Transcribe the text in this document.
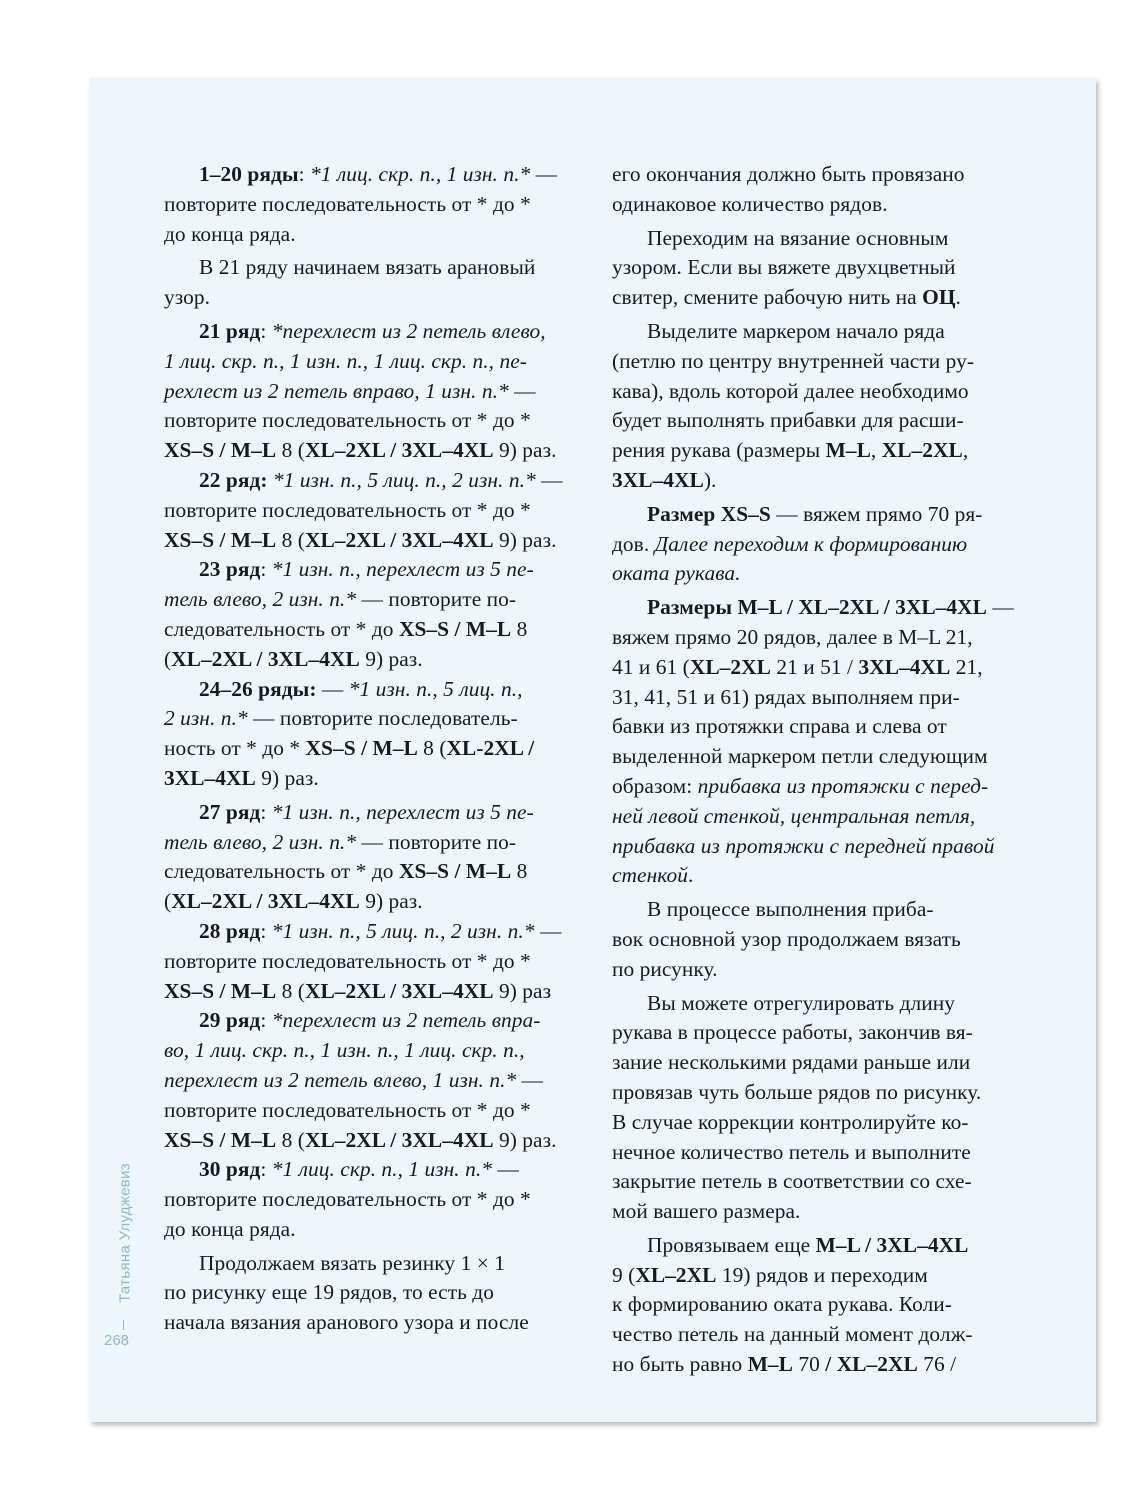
1–20 ряды: *1 лиц. скр. п., 1 изн. п.* —

повторите последовательность от * до *

до конца ряда.

В 21 ряду начинаем вязать арановый

узор.

21 ряд: *перехлест из 2 петель влево,

1 лиц. скр. п., 1 изн. п., 1 лиц. скр. п., пе-

рехлест из 2 петель вправо, 1 изн. п.* —

повторите последовательность от * до *

XS–S / M–L 8 (XL–2XL / 3XL–4XL 9) раз.

22 ряд: *1 изн. п., 5 лиц. п., 2 изн. п.* —

повторите последовательность от * до *

XS–S / M–L 8 (XL–2XL / 3XL–4XL 9) раз.

23 ряд: *1 изн. п., перехлест из 5 пе-

тель влево, 2 изн. п.* — повторите по-

следовательность от * до XS–S / M–L 8

(XL–2XL / 3XL–4XL 9) раз.

24–26 ряды: — *1 изн. п., 5 лиц. п.,

2 изн. п.* — повторите последователь-

ность от * до * XS–S / M–L 8 (XL-2XL /

3XL–4XL 9) раз.

27 ряд: *1 изн. п., перехлест из 5 пе-

тель влево, 2 изн. п.* — повторите по-

следовательность от * до XS–S / M–L 8

(XL–2XL / 3XL–4XL 9) раз.

28 ряд: *1 изн. п., 5 лиц. п., 2 изн. п.* —

повторите последовательность от * до *

XS–S / M–L 8 (XL–2XL / 3XL–4XL 9) раз

29 ряд: *перехлест из 2 петель впра-

во, 1 лиц. скр. п., 1 изн. п., 1 лиц. скр. п.,

перехлест из 2 петель влево, 1 изн. п.* —

повторите последовательность от * до *

XS–S / M–L 8 (XL–2XL / 3XL–4XL 9) раз.

30 ряд: *1 лиц. скр. п., 1 изн. п.* —

повторите последовательность от * до *

до конца ряда.

Продолжаем вязать резинку 1 × 1

по рисунку еще 19 рядов, то есть до

начала вязания аранового узора и после

его окончания должно быть провязано

одинаковое количество рядов.

Переходим на вязание основным

узором. Если вы вяжете двухцветный

свитер, смените рабочую нить на ОЦ.

Выделите маркером начало ряда

(петлю по центру внутренней части ру-

кава), вдоль которой далее необходимо

будет выполнять прибавки для расши-

рения рукава (размеры M–L, XL–2XL,

3XL–4XL).

Размер XS–S — вяжем прямо 70 ря-

дов. Далее переходим к формированию

оката рукава.

Размеры M–L / XL–2XL / 3XL–4XL —

вяжем прямо 20 рядов, далее в M–L 21,

41 и 61 (XL–2XL 21 и 51 / 3XL–4XL 21,

31, 41, 51 и 61) рядах выполняем при-

бавки из протяжки справа и слева от

выделенной маркером петли следующим

образом: прибавка из протяжки с перед-

ней левой стенкой, центральная петля,

прибавка из протяжки с передней правой

стенкой.

В процессе выполнения приба-

вок основной узор продолжаем вязать

по рисунку.

Вы можете отрегулировать длину

рукава в процессе работы, закончив вя-

зание несколькими рядами раньше или

провязав чуть больше рядов по рисунку.

В случае коррекции контролируйте ко-

нечное количество петель и выполните

закрытие петель в соответствии со схе-

мой вашего размера.

Провязываем еще M–L / 3XL–4XL

9 (XL–2XL 19) рядов и переходим

к формированию оката рукава. Коли-

чество петель на данный момент долж-

но быть равно M–L 70 / XL–2XL 76 /

Татьяна Улуджевиз
268
